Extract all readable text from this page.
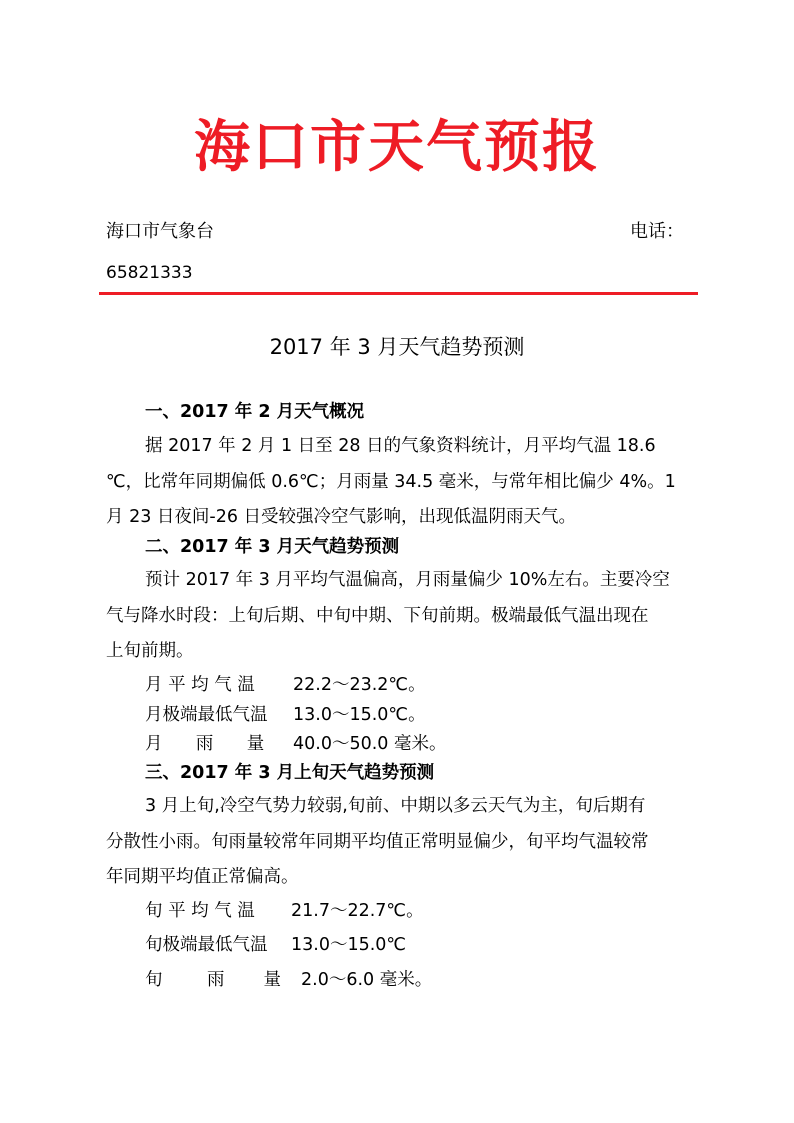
海口市天气预报
海口市气象台	电话：
65821333
2017 年 3 月天气趋势预测
一、2017 年 2 月天气概况
据 2017 年 2 月 1 日至 28 日的气象资料统计，月平均气温 18.6
℃，比常年同期偏低 0.6℃；月雨量 34.5 毫米，与常年相比偏少 4%。1
月 23 日夜间-26 日受较强冷空气影响，出现低温阴雨天气。
二、2017 年 3 月天气趋势预测
预计 2017 年 3 月平均气温偏高，月雨量偏少 10%左右。主要冷空
气与降水时段：上旬后期、中旬中期、下旬前期。极端最低气温出现在
上旬前期。
月 平 均 气 温 22.2～23.2℃。
月极端最低气温 13.0～15.0℃。
月      雨      量 40.0～50.0 毫米。
三、2017 年 3 月上旬天气趋势预测
3 月上旬,冷空气势力较弱,旬前、中期以多云天气为主，旬后期有
分散性小雨。旬雨量较常年同期平均值正常明显偏少，旬平均气温较常
年同期平均值正常偏高。
旬 平 均 气 温 21.7～22.7℃。
旬极端最低气温 13.0～15.0℃
旬        雨       量 2.0～6.0 毫米。
